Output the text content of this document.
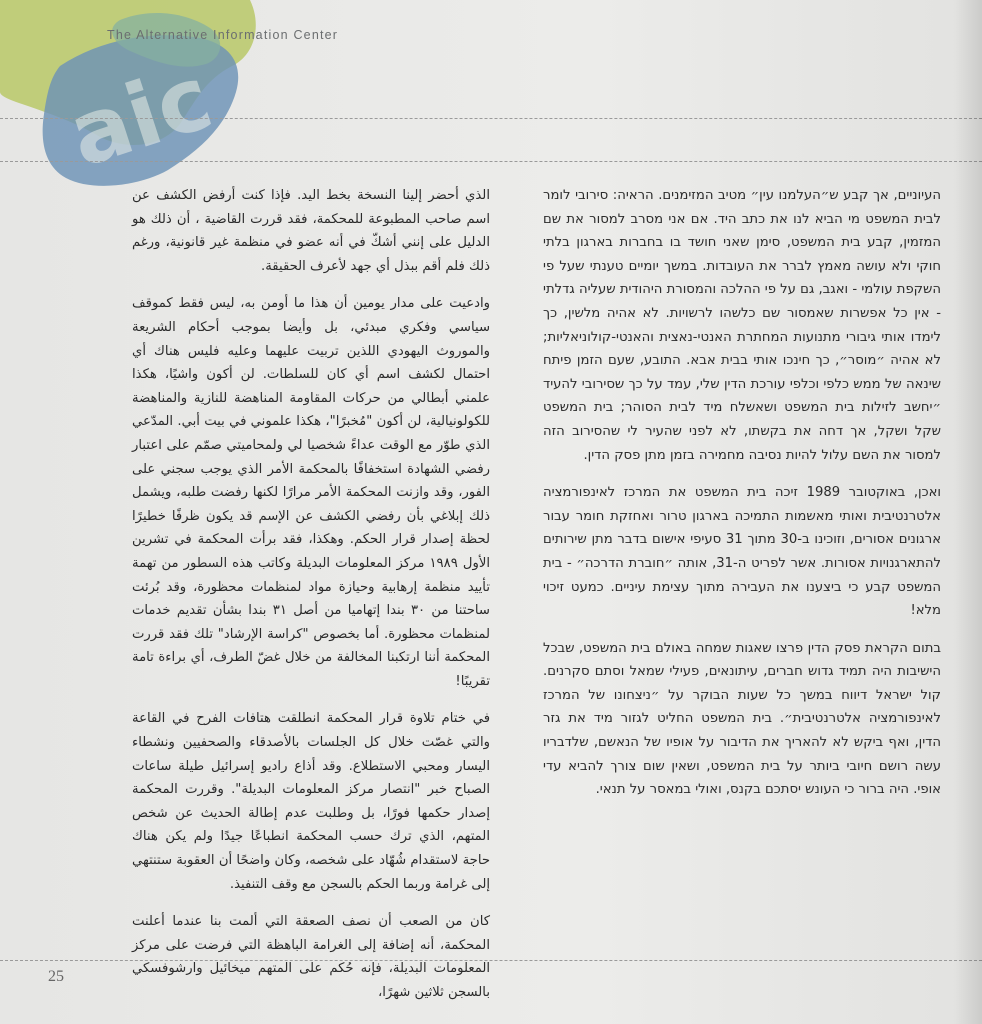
aic
The Alternative Information Center

الذي أحضر إلينا النسخة بخط اليد. فإذا كنت أرفض الكشف عن اسم صاحب المطبوعة للمحكمة، فقد قررت القاضية ، أن ذلك هو الدليل على إنني أشكّ في أنه عضو في منظمة غير قانونية، ورغم ذلك فلم أقم ببذل أي جهد لأعرف الحقيقة.

وادعيت على مدار يومين أن هذا ما أومن به، ليس فقط كموقف سياسي وفكري مبدئي، بل وأيضا بموجب أحكام الشريعة والموروث اليهودي اللذين تربيت عليهما وعليه فليس هناك أي احتمال لكشف اسم أي كان للسلطات. لن أكون واشيًا، هكذا علمني أبطالي من حركات المقاومة المناهضة للنازية والمناهضة للكولونيالية، لن أكون "مُخبرًا"، هكذا علموني في بيت أبي. المدّعي الذي طوّر مع الوقت عداءً شخصيا لي ولمحاميتي صمّم على اعتبار رفضي الشهادة استخفافًا بالمحكمة الأمر الذي يوجب سجني على الفور، وقد وازنت المحكمة الأمر مرارًا لكنها رفضت طلبه، ويشمل ذلك إبلاغي بأن رفضي الكشف عن الإسم قد يكون ظرفًا خطيرًا لحظة إصدار قرار الحكم. وهكذا، فقد برأت المحكمة في تشرين الأول ١٩٨٩ مركز المعلومات البديلة وكاتب هذه السطور من تهمة تأييد منظمة إرهابية وحيازة مواد لمنظمات محظورة، وقد بُرئت ساحتنا من ٣٠ بندا إتهاميا من أصل ٣١ بندا بشأن تقديم خدمات لمنظمات محظورة. أما بخصوص "كراسة الإرشاد" تلك فقد قررت المحكمة أننا ارتكبنا المخالفة من خلال غضّ الطرف، أي براءة تامة تقريبًا!

في ختام تلاوة قرار المحكمة انطلقت هتافات الفرح في القاعة والتي غصّت خلال كل الجلسات بالأصدقاء والصحفيين ونشطاء اليسار ومحبي الاستطلاع. وقد أذاع راديو إسرائيل طيلة ساعات الصباح خبر "انتصار مركز المعلومات البديلة". وقررت المحكمة إصدار حكمها فورًا، بل وطلبت عدم إطالة الحديث عن شخص المتهم، الذي ترك حسب المحكمة انطباعًا جيدًا ولم يكن هناك حاجة لاستقدام شُهّاد على شخصه، وكان واضحًا أن العقوبة ستنتهي إلى غرامة وربما الحكم بالسجن مع وقف التنفيذ.

كان من الصعب أن نصف الصعقة التي ألمت بنا عندما أعلنت المحكمة، أنه إضافة إلى الغرامة الباهظة التي فرضت على مركز المعلومات البديلة، فإنه حُكم على المتهم ميخائيل وارشوفسكي بالسجن ثلاثين شهرًا،

העיוניים, אך קבע ש״העלמנו עין״ מטיב המזימנים. הראיה: סירובי לומר לבית המשפט מי הביא לנו את כתב היד. אם אני מסרב למסור את שם המזמין, קבע בית המשפט, סימן שאני חושד בו בחברות בארגון בלתי חוקי ולא עושה מאמץ לברר את העובדות. במשך יומיים טענתי שעל פי השקפת עולמי - ואגב, גם על פי ההלכה והמסורת היהודית שעליה גדלתי - אין כל אפשרות שאמסור שם כלשהו לרשויות. לא אהיה מלשין, כך לימדו אותי גיבורי מתנועות המחתרת האנטי-נאצית והאנטי-קולוניאליות; לא אהיה ״מוסר״, כך חינכו אותי בבית אבא. התובע, שעם הזמן פיתח שינאה של ממש כלפי וכלפי עורכת הדין שלי, עמד על כך שסירובי להעיד ״יחשב לזילות בית המשפט ושאשלח מיד לבית הסוהר; בית המשפט שקל ושקל, אך דחה את בקשתו, לא לפני שהעיר לי שהסירוב הזה למסור את השם עלול להיות נסיבה מחמירה בזמן מתן פסק הדין.

ואכן, באוקטובר 1989 זיכה בית המשפט את המרכז לאינפורמציה אלטרנטיבית ואותי מאשמות התמיכה בארגון טרור ואחזקת חומר עבור ארגונים אסורים, וזוכינו ב-30 מתוך 31 סעיפי אישום בדבר מתן שירותים להתארגנויות אסורות. אשר לפריט ה-31, אותה ״חוברת הדרכה״ - בית המשפט קבע כי ביצענו את העבירה מתוך עצימת עיניים. כמעט זיכוי מלא!

בתום הקראת פסק הדין פרצו שאגות שמחה באולם בית המשפט, שבכל הישיבות היה תמיד גדוש חברים, עיתונאים, פעילי שמאל וסתם סקרנים. קול ישראל דיווח במשך כל שעות הבוקר על ״ניצחונו של המרכז לאינפורמציה אלטרנטיבית״. בית המשפט החליט לגזור מיד את גזר הדין, ואף ביקש לא להאריך את הדיבור על אופיו של הנאשם, שלדבריו עשה רושם חיובי ביותר על בית המשפט, ושאין שום צורך להביא עדי אופי. היה ברור כי העונש יסתכם בקנס, ואולי במאסר על תנאי.

25
